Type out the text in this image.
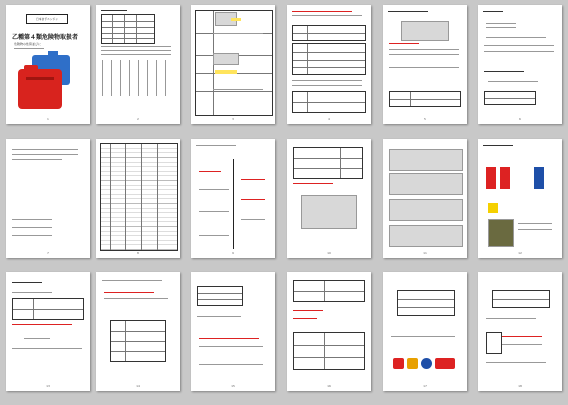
日本まずエンジン
乙種第４類危険物取扱者
危険物の性質並びに
1	2	3	4	5	6
7	8	9	10	11	12
13	14	15	16	17	18
